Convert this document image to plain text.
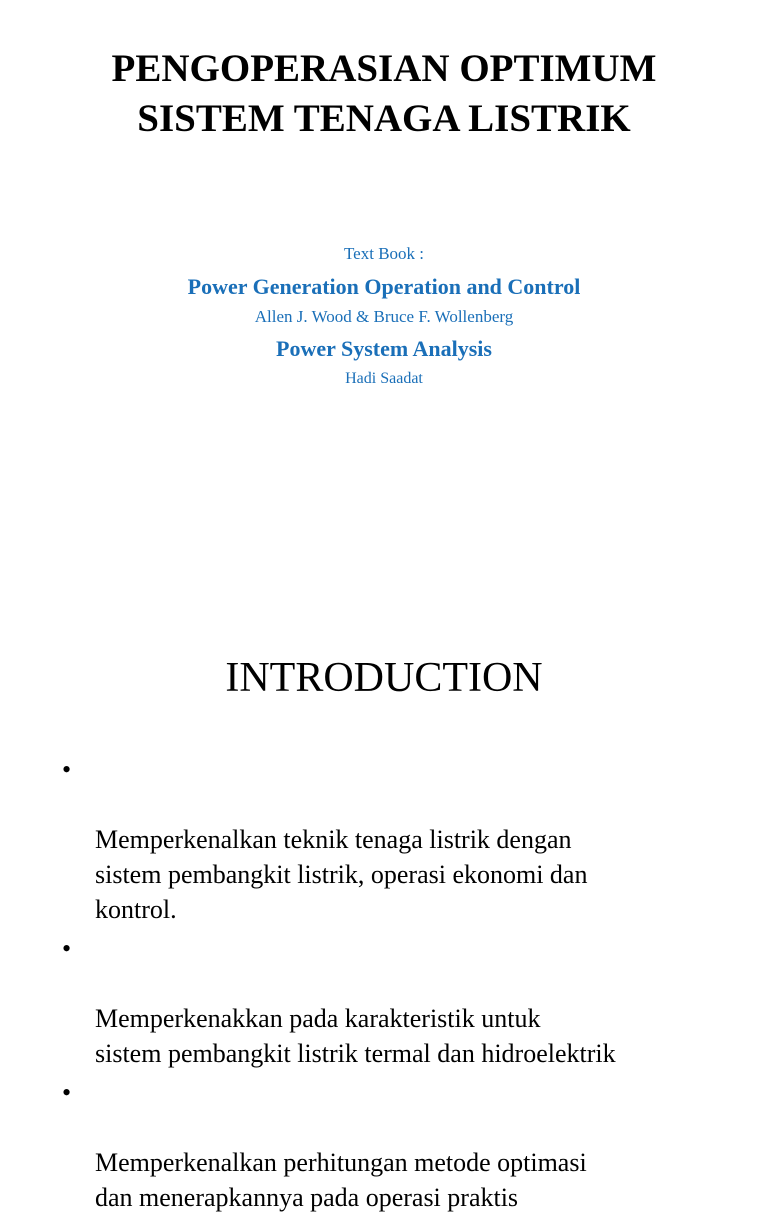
PENGOPERASIAN OPTIMUM
SISTEM TENAGA LISTRIK
Text Book :
Power Generation Operation and Control
Allen J. Wood & Bruce F. Wollenberg
Power System Analysis
Hadi Saadat
INTRODUCTION

•

Memperkenalkan teknik tenaga listrik dengan
sistem pembangkit listrik, operasi ekonomi dan
kontrol.

•

Memperkenakkan pada karakteristik untuk
sistem pembangkit listrik termal dan hidroelektrik

•

Memperkenalkan perhitungan metode optimasi
dan menerapkannya pada operasi praktis
